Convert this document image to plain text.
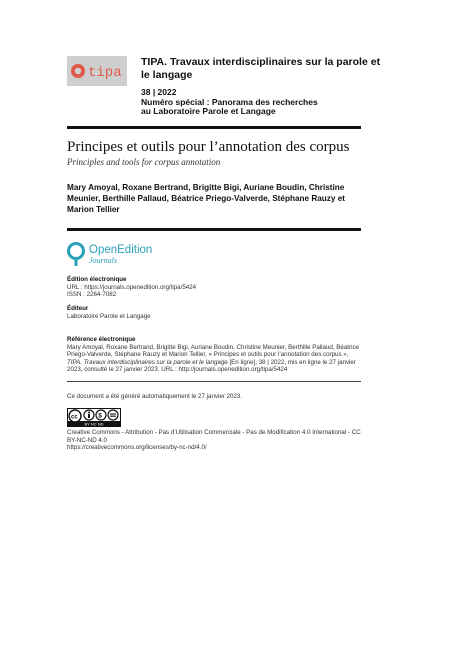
tipa
TIPA. Travaux interdisciplinaires sur la parole et le langage
38 | 2022
Numéro spécial : Panorama des recherches
au Laboratoire Parole et Langage
Principes et outils pour l’annotation des corpus
Principles and tools for corpus annotation
Mary Amoyal, Roxane Bertrand, Brigitte Bigi, Auriane Boudin, Christine Meunier, Berthille Pallaud, Béatrice Priego-Valverde, Stéphane Rauzy et Marion Tellier
OpenEdition
Journals
Édition électronique
URL : https://journals.openedition.org/tipa/5424
ISSN : 2264-7082
Éditeur
Laboratoire Parole et Langage
Référence électronique
Mary Amoyal, Roxane Bertrand, Brigitte Bigi, Auriane Boudin, Christine Meunier, Berthille Pallaud, Béatrice Priego-Valverde, Stéphane Rauzy et Marion Tellier, « Principes et outils pour l’annotation des corpus », TIPA. Travaux interdisciplinaires sur la parole et le langage [En ligne], 38 | 2022, mis en ligne le 27 janvier 2023, consulté le 27 janvier 2023. URL : http://journals.openedition.org/tipa/5424
Ce document a été généré automatiquement le 27 janvier 2023.
cc	$
BY NC ND
Creative Commons - Attribution - Pas d’Utilisation Commerciale - Pas de Modification 4.0 International - CC BY-NC-ND 4.0
https://creativecommons.org/licenses/by-nc-nd/4.0/
